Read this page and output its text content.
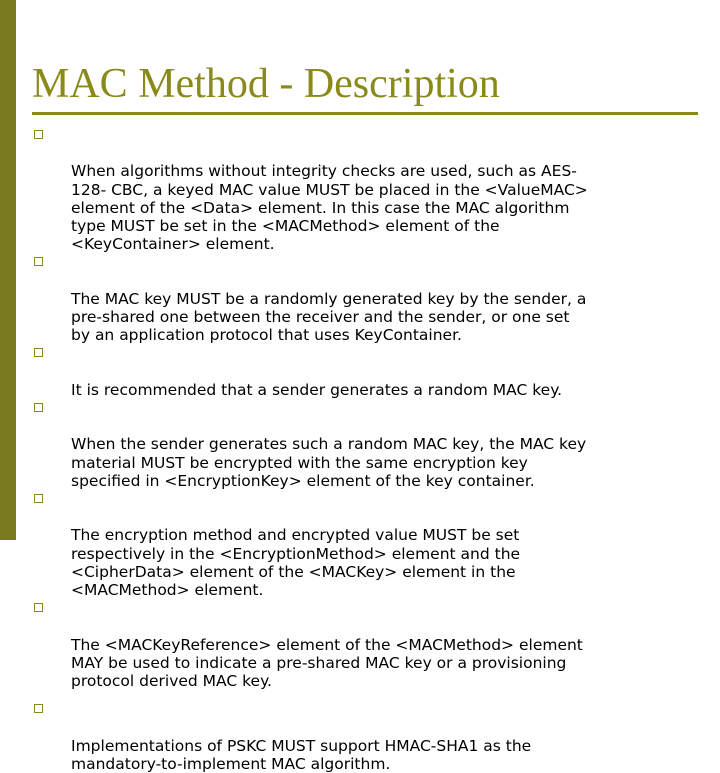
MAC Method - Description

When algorithms without integrity checks are used, such as AES-
128- CBC, a keyed MAC value MUST be placed in the <ValueMAC>
element of the <Data> element. In this case the MAC algorithm
type MUST be set in the <MACMethod> element of the
<KeyContainer> element.

The MAC key MUST be a randomly generated key by the sender, a
pre-shared one between the receiver and the sender, or one set
by an application protocol that uses KeyContainer.

It is recommended that a sender generates a random MAC key.

When the sender generates such a random MAC key, the MAC key
material MUST be encrypted with the same encryption key
specified in <EncryptionKey> element of the key container.

The encryption method and encrypted value MUST be set
respectively in the <EncryptionMethod> element and the
<CipherData> element of the <MACKey> element in the
<MACMethod> element.

The <MACKeyReference> element of the <MACMethod> element
MAY be used to indicate a pre-shared MAC key or a provisioning
protocol derived MAC key.

Implementations of PSKC MUST support HMAC-SHA1 as the
mandatory-to-implement MAC algorithm.
